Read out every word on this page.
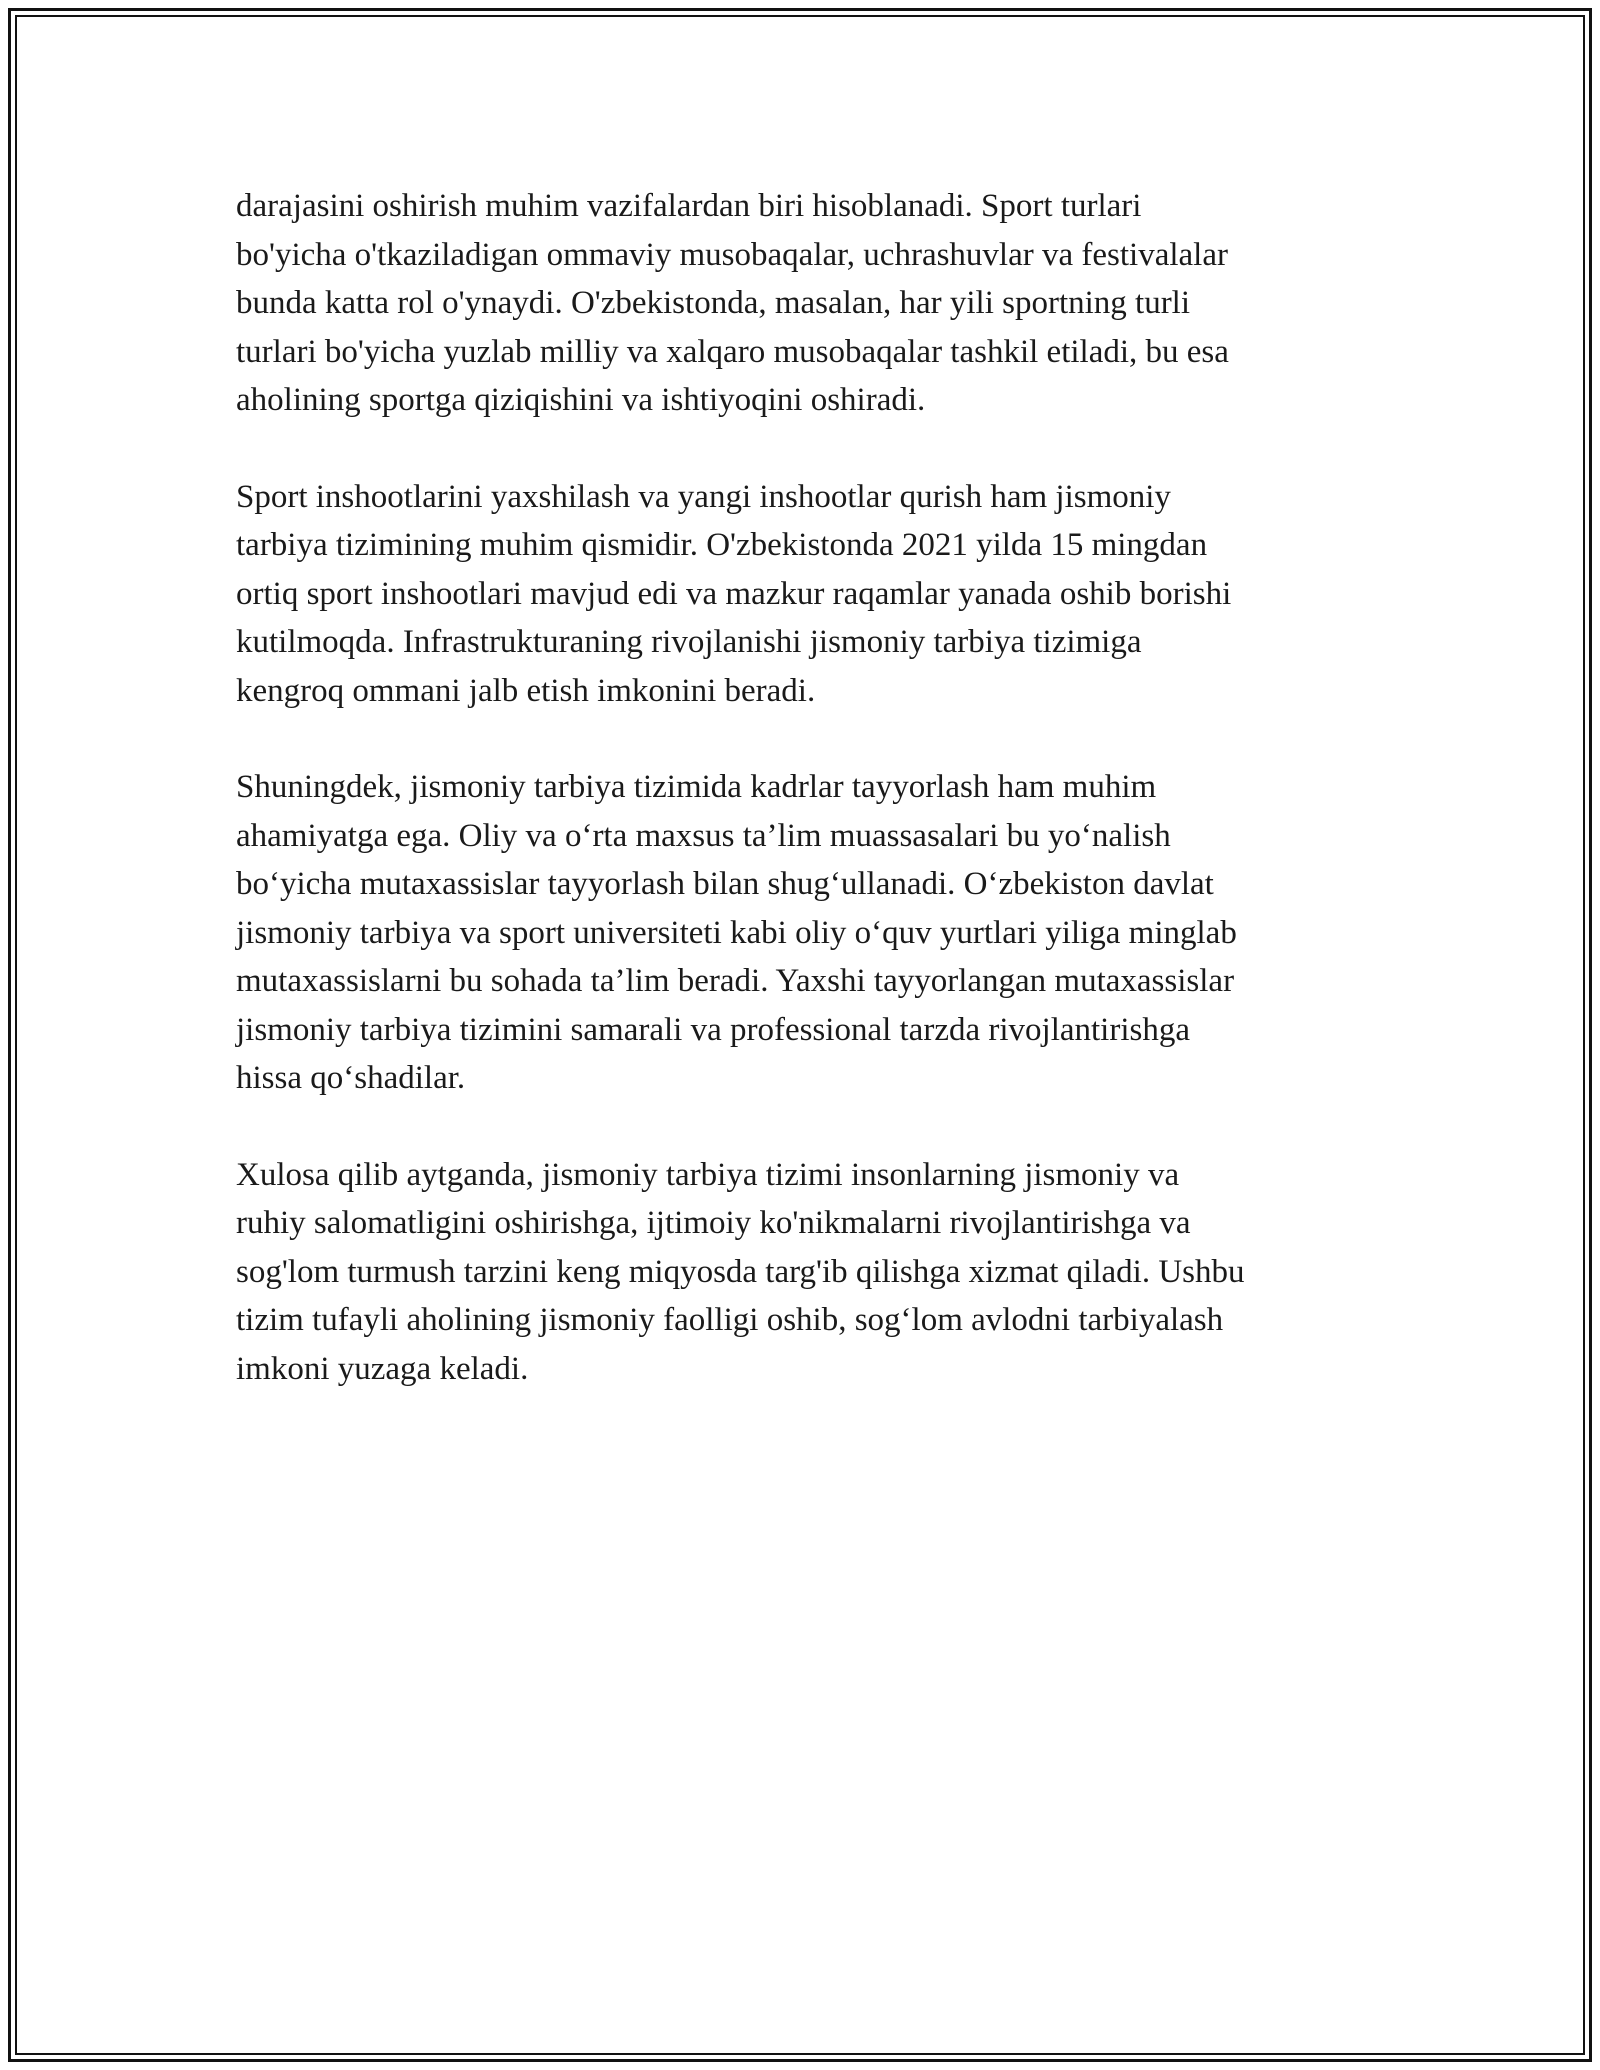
darajasini oshirish muhim vazifalardan biri hisoblanadi. Sport turlari
bo'yicha o'tkaziladigan ommaviy musobaqalar, uchrashuvlar va festivalalar
bunda katta rol o'ynaydi. O'zbekistonda, masalan, har yili sportning turli
turlari bo'yicha yuzlab milliy va xalqaro musobaqalar tashkil etiladi, bu esa
aholining sportga qiziqishini va ishtiyoqini oshiradi.

Sport inshootlarini yaxshilash va yangi inshootlar qurish ham jismoniy
tarbiya tizimining muhim qismidir. O'zbekistonda 2021 yilda 15 mingdan
ortiq sport inshootlari mavjud edi va mazkur raqamlar yanada oshib borishi
kutilmoqda. Infrastrukturaning rivojlanishi jismoniy tarbiya tizimiga
kengroq ommani jalb etish imkonini beradi.

Shuningdek, jismoniy tarbiya tizimida kadrlar tayyorlash ham muhim
ahamiyatga ega. Oliy va o‘rta maxsus ta’lim muassasalari bu yo‘nalish
bo‘yicha mutaxassislar tayyorlash bilan shug‘ullanadi. O‘zbekiston davlat
jismoniy tarbiya va sport universiteti kabi oliy o‘quv yurtlari yiliga minglab
mutaxassislarni bu sohada ta’lim beradi. Yaxshi tayyorlangan mutaxassislar
jismoniy tarbiya tizimini samarali va professional tarzda rivojlantirishga
hissa qo‘shadilar.

Xulosa qilib aytganda, jismoniy tarbiya tizimi insonlarning jismoniy va
ruhiy salomatligini oshirishga, ijtimoiy ko'nikmalarni rivojlantirishga va
sog'lom turmush tarzini keng miqyosda targ'ib qilishga xizmat qiladi. Ushbu
tizim tufayli aholining jismoniy faolligi oshib, sog‘lom avlodni tarbiyalash
imkoni yuzaga keladi.
